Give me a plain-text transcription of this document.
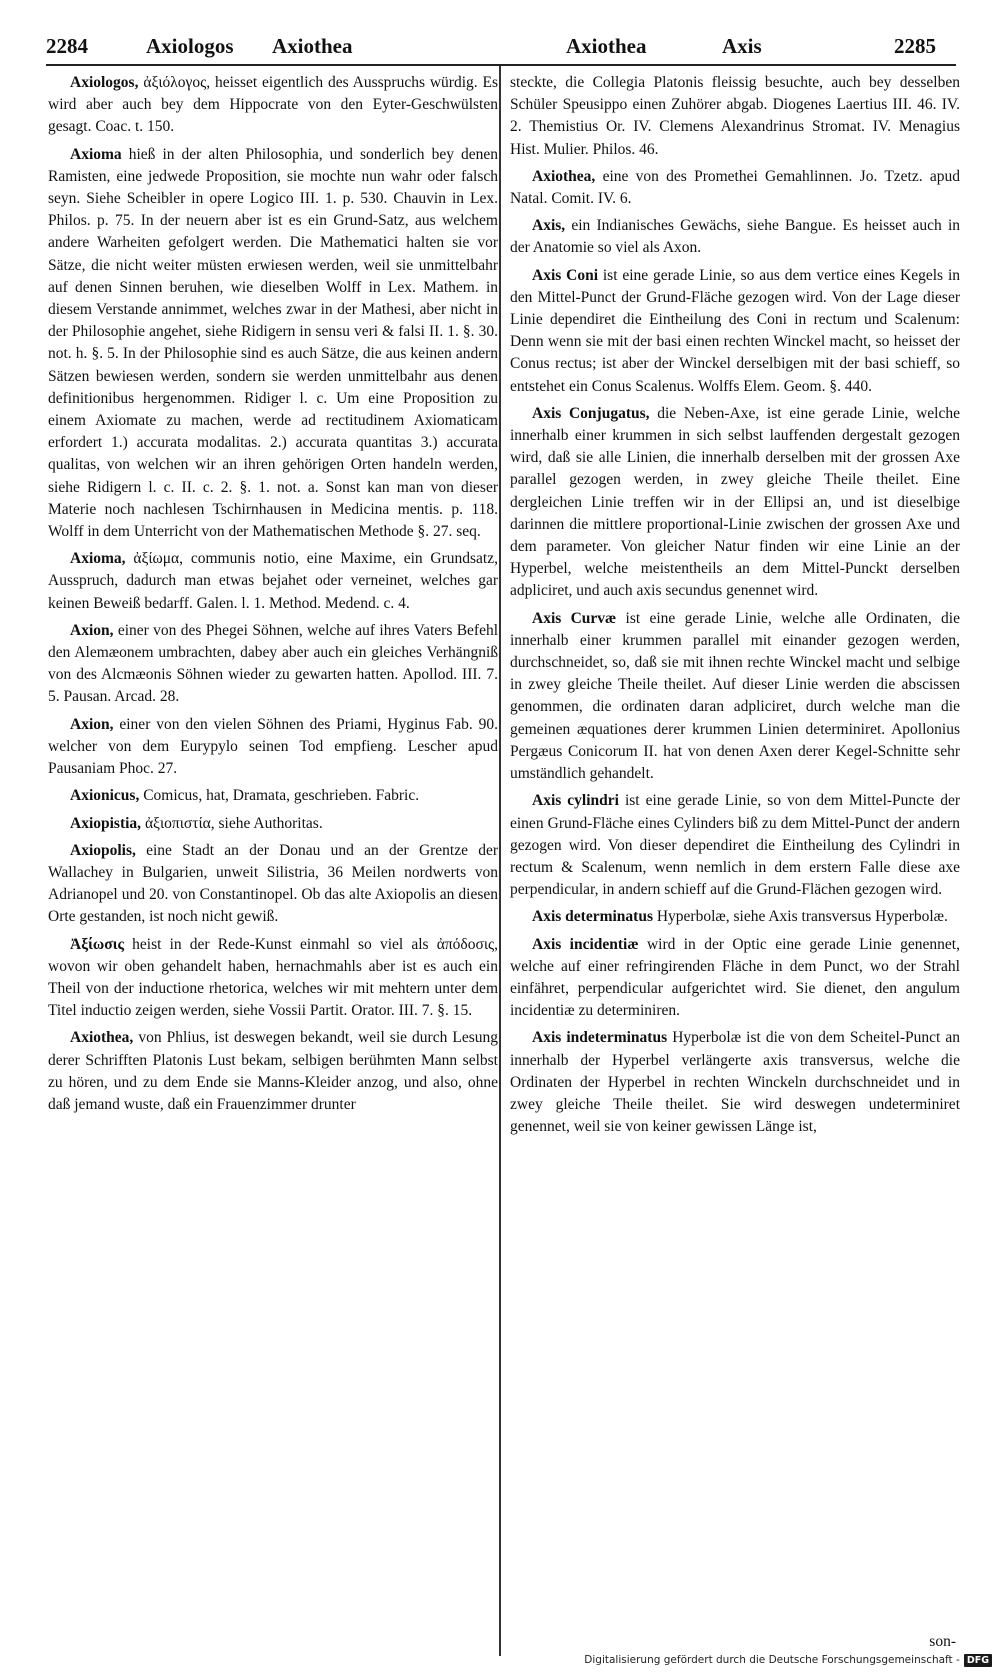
2284	Axiologos Axiothea	Axiothea	Axis	2285

Axiologos, ἀξιόλογος, heisset eigentlich des Ausspruchs würdig. Es wird aber auch bey dem Hippocrate von den Eyter-Geschwülsten gesagt. Coac. t. 150.

Axioma hieß in der alten Philosophia, und sonderlich bey denen Ramisten, eine jedwede Proposition, sie mochte nun wahr oder falsch seyn. Siehe Scheibler in opere Logico III. 1. p. 530. Chauvin in Lex. Philos. p. 75. In der neuern aber ist es ein Grund-Satz, aus welchem andere Warheiten gefolgert werden. Die Mathematici halten sie vor Sätze, die nicht weiter müsten erwiesen werden, weil sie unmittelbahr auf denen Sinnen beruhen, wie dieselben Wolff in Lex. Mathem. in diesem Verstande annimmet, welches zwar in der Mathesi, aber nicht in der Philosophie angehet, siehe Ridigern in sensu veri & falsi II. 1. §. 30. not. h. §. 5. In der Philosophie sind es auch Sätze, die aus keinen andern Sätzen bewiesen werden, sondern sie werden unmittelbahr aus denen definitionibus hergenommen. Ridiger l. c. Um eine Proposition zu einem Axiomate zu machen, werde ad rectitudinem Axiomaticam erfordert 1.) accurata modalitas. 2.) accurata quantitas 3.) accurata qualitas, von welchen wir an ihren gehörigen Orten handeln werden, siehe Ridigern l. c. II. c. 2. §. 1. not. a. Sonst kan man von dieser Materie noch nachlesen Tschirnhausen in Medicina mentis. p. 118. Wolff in dem Unterricht von der Mathematischen Methode §. 27. seq.

Axioma, ἀξίωμα, communis notio, eine Maxime, ein Grundsatz, Ausspruch, dadurch man etwas bejahet oder verneinet, welches gar keinen Beweiß bedarff. Galen. l. 1. Method. Medend. c. 4.

Axion, einer von des Phegei Söhnen, welche auf ihres Vaters Befehl den Alemæonem umbrachten, dabey aber auch ein gleiches Verhängniß von des Alcmæonis Söhnen wieder zu gewarten hatten. Apollod. III. 7. 5. Pausan. Arcad. 28.

Axion, einer von den vielen Söhnen des Priami, Hyginus Fab. 90. welcher von dem Eurypylo seinen Tod empfieng. Lescher apud Pausaniam Phoc. 27.

Axionicus, Comicus, hat, Dramata, geschrieben. Fabric.

Axiopistia, ἀξιοπιστία, siehe Authoritas.

Axiopolis, eine Stadt an der Donau und an der Grentze der Wallachey in Bulgarien, unweit Silistria, 36 Meilen nordwerts von Adrianopel und 20. von Constantinopel. Ob das alte Axiopolis an diesen Orte gestanden, ist noch nicht gewiß.

Ἀξίωσις heist in der Rede-Kunst einmahl so viel als ἀπόδοσις, wovon wir oben gehandelt haben, hernachmahls aber ist es auch ein Theil von der inductione rhetorica, welches wir mit mehtern unter dem Titel inductio zeigen werden, siehe Vossii Partit. Orator. III. 7. §. 15.

Axiothea, von Phlius, ist deswegen bekandt, weil sie durch Lesung derer Schrifften Platonis Lust bekam, selbigen berühmten Mann selbst zu hören, und zu dem Ende sie Manns-Kleider anzog, und also, ohne daß jemand wuste, daß ein Frauenzimmer drunter

steckte, die Collegia Platonis fleissig besuchte, auch bey desselben Schüler Speusippo einen Zuhörer abgab. Diogenes Laertius III. 46. IV. 2. Themistius Or. IV. Clemens Alexandrinus Stromat. IV. Menagius Hist. Mulier. Philos. 46.

Axiothea, eine von des Promethei Gemahlinnen. Jo. Tzetz. apud Natal. Comit. IV. 6.

Axis, ein Indianisches Gewächs, siehe Bangue. Es heisset auch in der Anatomie so viel als Axon.

Axis Coni ist eine gerade Linie, so aus dem vertice eines Kegels in den Mittel-Punct der Grund-Fläche gezogen wird. Von der Lage dieser Linie dependiret die Eintheilung des Coni in rectum und Scalenum: Denn wenn sie mit der basi einen rechten Winckel macht, so heisset der Conus rectus; ist aber der Winckel derselbigen mit der basi schieff, so entstehet ein Conus Scalenus. Wolffs Elem. Geom. §. 440.

Axis Conjugatus, die Neben-Axe, ist eine gerade Linie, welche innerhalb einer krummen in sich selbst lauffenden dergestalt gezogen wird, daß sie alle Linien, die innerhalb derselben mit der grossen Axe parallel gezogen werden, in zwey gleiche Theile theilet. Eine dergleichen Linie treffen wir in der Ellipsi an, und ist dieselbige darinnen die mittlere proportional-Linie zwischen der grossen Axe und dem parameter. Von gleicher Natur finden wir eine Linie an der Hyperbel, welche meistentheils an dem Mittel-Punckt derselben adpliciret, und auch axis secundus genennet wird.

Axis Curvæ ist eine gerade Linie, welche alle Ordinaten, die innerhalb einer krummen parallel mit einander gezogen werden, durchschneidet, so, daß sie mit ihnen rechte Winckel macht und selbige in zwey gleiche Theile theilet. Auf dieser Linie werden die abscissen genommen, die ordinaten daran adpliciret, durch welche man die gemeinen æquationes derer krummen Linien determiniret. Apollonius Pergæus Conicorum II. hat von denen Axen derer Kegel-Schnitte sehr umständlich gehandelt.

Axis cylindri ist eine gerade Linie, so von dem Mittel-Puncte der einen Grund-Fläche eines Cylinders biß zu dem Mittel-Punct der andern gezogen wird. Von dieser dependiret die Eintheilung des Cylindri in rectum & Scalenum, wenn nemlich in dem erstern Falle diese axe perpendicular, in andern schieff auf die Grund-Flächen gezogen wird.

Axis determinatus Hyperbolæ, siehe Axis transversus Hyperbolæ.

Axis incidentiæ wird in der Optic eine gerade Linie genennet, welche auf einer refringirenden Fläche in dem Punct, wo der Strahl einfähret, perpendicular aufgerichtet wird. Sie dienet, den angulum incidentiæ zu determiniren.

Axis indeterminatus Hyperbolæ ist die von dem Scheitel-Punct an innerhalb der Hyperbel verlängerte axis transversus, welche die Ordinaten der Hyperbel in rechten Winckeln durchschneidet und in zwey gleiche Theile theilet. Sie wird deswegen undeterminiret genennet, weil sie von keiner gewissen Länge ist,

son-
Digitalisierung gefördert durch die Deutsche Forschungsgemeinschaft - DFG
